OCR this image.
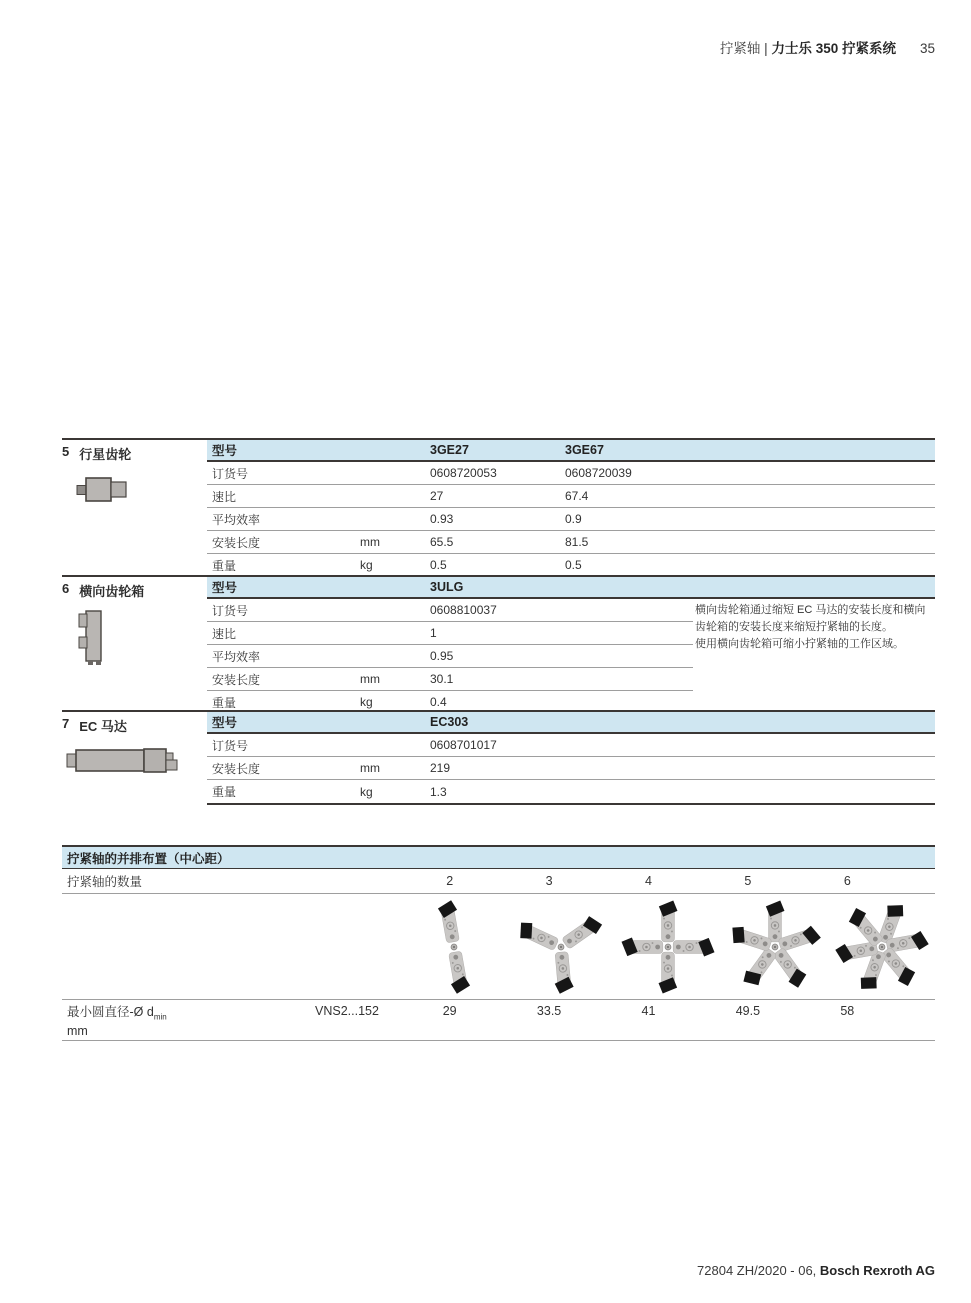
拧紧轴 | 力士乐 350 拧紧系统 35
5 行星齿轮	型号	3GE27	3GE67
订货号	0608720053	0608720039
速比	27	67.4
平均效率	0.93	0.9
安装长度	mm	65.5	81.5
重量	kg	0.5	0.5
6 横向齿轮箱	型号	3ULG
订货号	0608810037
速比	1
平均效率	0.95
安装长度	mm	30.1
重量	kg	0.4
横向齿轮箱通过缩短 EC 马达的安装长度和横向
齿轮箱的安装长度来缩短拧紧轴的长度。
使用横向齿轮箱可缩小拧紧轴的工作区域。
7 EC 马达	型号	EC303
订货号	0608701017
安装长度	mm	219
重量	kg	1.3
拧紧轴的并排布置（中心距）
拧紧轴的数量	2	3	4	5	6
最小圆直径-Ø $d_{min}$
mm
VNS2...152	29	33.5	41	49.5	58
72804 ZH/2020 - 06, Bosch Rexroth AG
